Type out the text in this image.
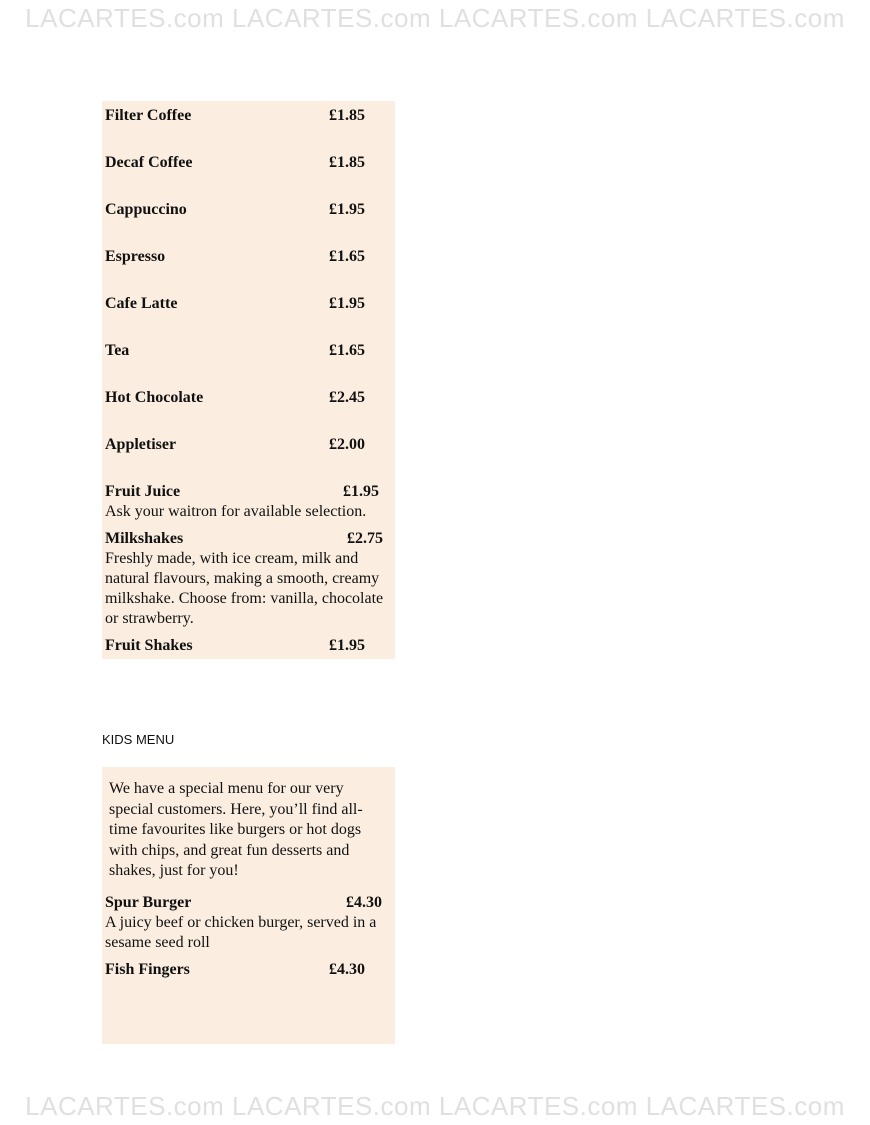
LACARTES.com LACARTES.com LACARTES.com LACARTES.com
Filter Coffee	£1.85
Decaf Coffee	£1.85
Cappuccino	£1.95
Espresso	£1.65
Cafe Latte	£1.95
Tea	£1.65
Hot Chocolate	£2.45
Appletiser	£2.00
Fruit Juice	£1.95
Ask your waitron for available selection.
Milkshakes	£2.75
Freshly made, with ice cream, milk and natural flavours, making a smooth, creamy milkshake. Choose from: vanilla, chocolate or strawberry.
Fruit Shakes	£1.95
KIDS MENU
We have a special menu for our very special customers. Here, you’ll find all-time favourites like burgers or hot dogs with chips, and great fun desserts and shakes, just for you!
Spur Burger	£4.30
A juicy beef or chicken burger, served in a sesame seed roll
Fish Fingers	£4.30
LACARTES.com LACARTES.com LACARTES.com LACARTES.com
